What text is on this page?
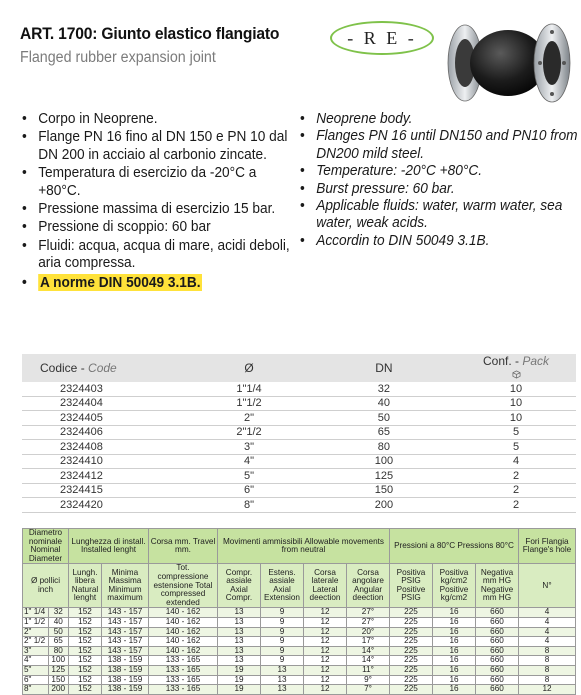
ART. 1700: Giunto elastico flangiato
Flanged rubber expansion joint
- R E -
• Corpo in Neoprene.
• Flange PN 16 fino al DN 150 e PN 10 dal DN 200 in acciaio al carbonio zincate.
• Temperatura di esercizio da -20°C a +80°C.
• Pressione massima di esercizio 15 bar.
• Pressione di scoppio: 60 bar
• Fluidi: acqua, acqua di mare, acidi deboli, aria compressa.
• A norme DIN 50049 3.1B.
• Neoprene body.
• Flanges PN 16 until DN150 and PN10 from DN200 mild steel.
• Temperature: -20°C +80°C.
• Burst pressure: 60 bar.
• Applicable fluids: water, warm water, sea water, weak acids.
• Accordin to DIN 50049 3.1B.
Codice - Code	Ø	DN	Conf. - Pack

2324403	1"1/4	32	10
2324404	1"1/2	40	10
2324405	2"	50	10
2324406	2"1/2	65	5
2324408	3"	80	5
2324410	4"	100	4
2324412	5"	125	2
2324415	6"	150	2
2324420	8"	200	2
Diametro nominale Nominal Diameter		Lunghezza di install. Installed lenght		Corsa mm. Travel mm.	Movimenti ammissibili Allowable movements from neutral				Pressioni a 80°C Pressions 80°C			Fori Flangia Flange's hole
Ø pollici inch		Lungh. libera Natural lenght	Minima Massima Minimum maximum	Tot. compressione estensione Total compressed extended	Compr. assiale Axial Compr.	Estens. assiale Axial Extension	Corsa laterale Lateral deection	Corsa angolare Angular deection	Positiva PSIG Positive PSIG	Positiva kg/cm2 Positive kg/cm2	Negativa mm HG Negative mm HG	N°
1" 1/4	32	152	143 - 157	140 - 162	13	9	12	27°	225	16	660	4
1" 1/2	40	152	143 - 157	140 - 162	13	9	12	27°	225	16	660	4
2"	50	152	143 - 157	140 - 162	13	9	12	20°	225	16	660	4
2" 1/2	65	152	143 - 157	140 - 162	13	9	12	17°	225	16	660	4
3"	80	152	143 - 157	140 - 162	13	9	12	14°	225	16	660	8
4"	100	152	138 - 159	133 - 165	13	9	12	14°	225	16	660	8
5"	125	152	138 - 159	133 - 165	19	13	12	11°	225	16	660	8
6"	150	152	138 - 159	133 - 165	19	13	12	9°	225	16	660	8
8"	200	152	138 - 159	133 - 165	19	13	12	7°	225	16	660	12
